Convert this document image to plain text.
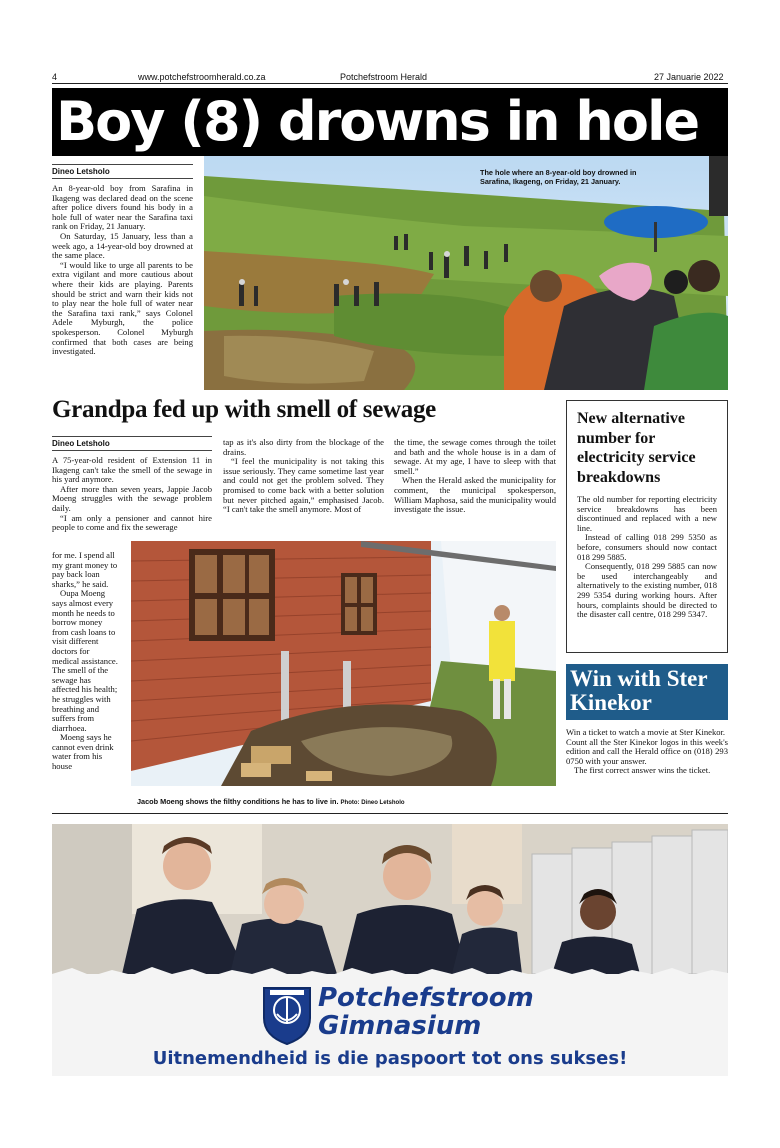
4	www.potchefstroomherald.co.za	Potchefstroom Herald	27 Januarie 2022
Boy (8) drowns in hole
Dineo Letsholo

An 8-year-old boy from Sarafina in Ikageng was declared dead on the scene after police divers found his body in a hole full of water near the Sarafina taxi rank on Friday, 21 January.

On Saturday, 15 January, less than a week ago, a 14-year-old boy drowned at the same place.

“I would like to urge all parents to be extra vigilant and more cautious about where their kids are playing. Parents should be strict and warn their kids not to play near the hole full of water near the Sarafina taxi rank,” says Colonel Adele Myburgh, the police spokesperson. Colonel Myburgh confirmed that both cases are being investigated.

The hole where an 8-year-old boy drowned in Sarafina, Ikageng, on Friday, 21 January.
Grandpa fed up with smell of sewage
Dineo Letsholo

A 75-year-old resident of Extension 11 in Ikageng can't take the smell of the sewage in his yard anymore.

After more than seven years, Jappie Jacob Moeng struggles with the sewage problem daily.

“I am only a pensioner and cannot hire people to come and fix the sewerage

for me. I spend all my grant money to pay back loan sharks,” he said.

Oupa Moeng says almost every month he needs to borrow money from cash loans to visit different doctors for medical assistance. The smell of the sewage has affected his health; he struggles with breathing and suffers from diarrhoea.

Moeng says he cannot even drink water from his house

tap as it's also dirty from the blockage of the drains.

“I feel the municipality is not taking this issue seriously. They came sometime last year and could not get the problem solved. They promised to come back with a better solution but never pitched again,” emphasised Jacob. “I can't take the smell anymore. Most of

the time, the sewage comes through the toilet and bath and the whole house is in a dam of sewage. At my age, I have to sleep with that smell.”

When the Herald asked the municipality for comment, the municipal spokesperson, William Maphosa, said the municipality would investigate the issue.

Jacob Moeng shows the filthy conditions he has to live in. Photo: Dineo Letsholo
New alternative number for electricity service breakdowns

The old number for reporting electricity service breakdowns has been discontinued and replaced with a new line.

Instead of calling 018 299 5350 as before, consumers should now contact 018 299 5885.

Consequently, 018 299 5885 can now be used interchangeably and alternatively to the existing number, 018 299 5354 during working hours. After hours, complaints should be directed to the disaster call centre, 018 299 5347.

Win with Ster Kinekor

Win a ticket to watch a movie at Ster Kinekor.

Count all the Ster Kinekor logos in this week's edition and call the Herald office on (018) 293 0750 with your answer.

The first correct answer wins the ticket.

Potchefstroom
Gimnasium
Uitnemendheid is die paspoort tot ons sukses!
